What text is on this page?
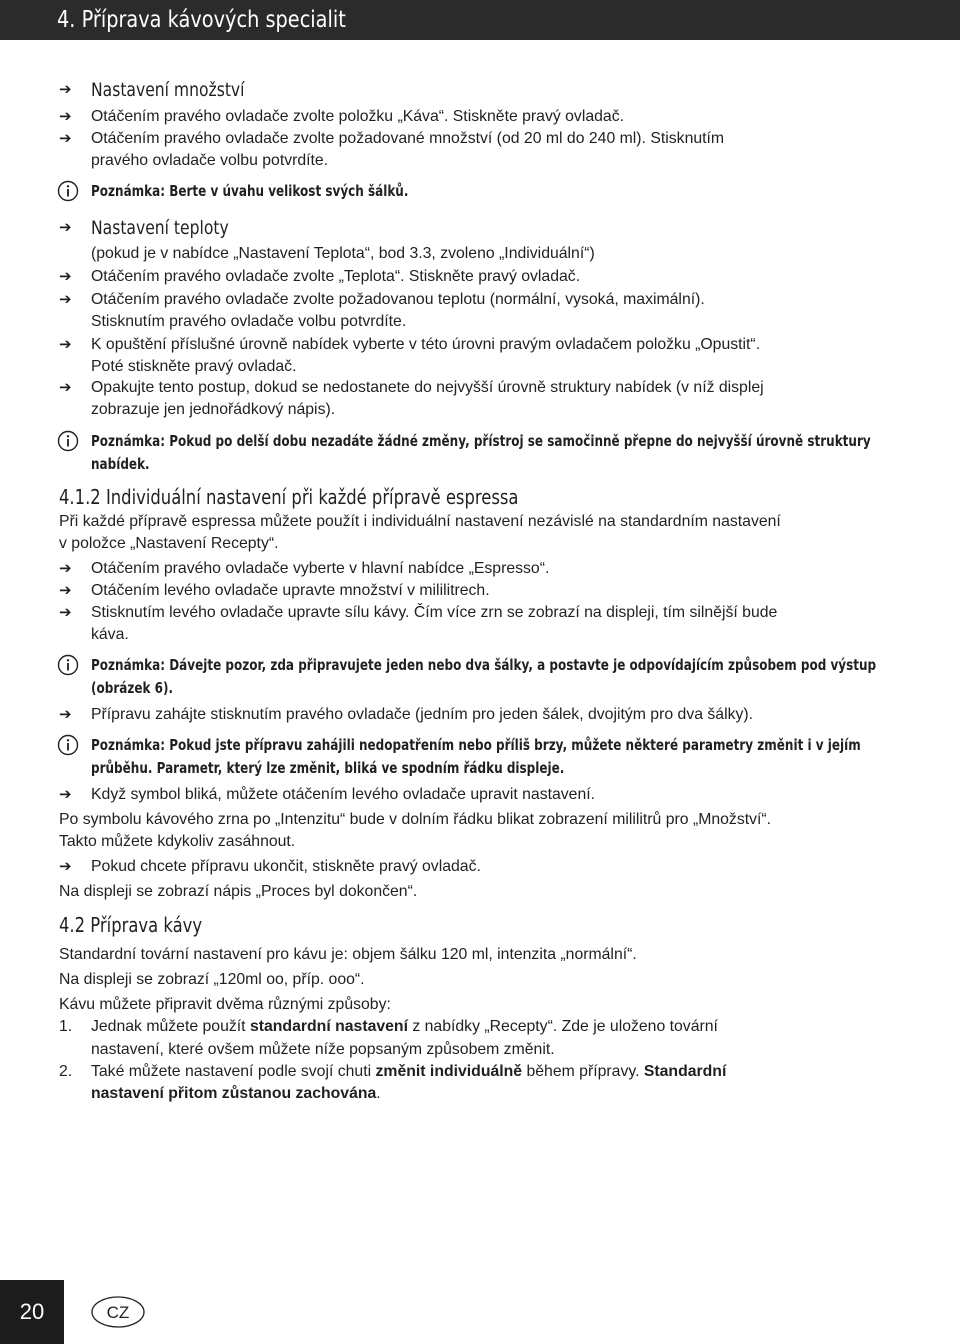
4. Příprava kávových specialit
➔ Nastavení množství
➔ Otáčením pravého ovladače zvolte položku „Káva“. Stiskněte pravý ovladač.
➔ Otáčením pravého ovladače zvolte požadované množství (od 20 ml do 240 ml). Stisknutím
pravého ovladače volbu potvrdíte.
Poznámka: Berte v úvahu velikost svých šálků.
➔ Nastavení teploty
(pokud je v nabídce „Nastavení Teplota“, bod 3.3, zvoleno „Individuální“)
➔ Otáčením pravého ovladače zvolte „Teplota“. Stiskněte pravý ovladač.
➔ Otáčením pravého ovladače zvolte požadovanou teplotu (normální, vysoká, maximální).
Stisknutím pravého ovladače volbu potvrdíte.
➔ K opuštění příslušné úrovně nabídek vyberte v této úrovni pravým ovladačem položku „Opustit“.
Poté stiskněte pravý ovladač.
➔ Opakujte tento postup, dokud se nedostanete do nejvyšší úrovně struktury nabídek (v níž displej
zobrazuje jen jednořádkový nápis).
Poznámka: Pokud po delší dobu nezadáte žádné změny, přístroj se samočinně přepne do nejvyšší úrovně struktury
nabídek.
4.1.2 Individuální nastavení při každé přípravě espressa
Při každé přípravě espressa můžete použít i individuální nastavení nezávislé na standardním nastavení
v položce „Nastavení Recepty“.
➔ Otáčením pravého ovladače vyberte v hlavní nabídce „Espresso“.
➔ Otáčením levého ovladače upravte množství v mililitrech.
➔ Stisknutím levého ovladače upravte sílu kávy. Čím více zrn se zobrazí na displeji, tím silnější bude
káva.
Poznámka: Dávejte pozor, zda připravujete jeden nebo dva šálky, a postavte je odpovídajícím způsobem pod výstup
(obrázek 6).
➔ Přípravu zahájte stisknutím pravého ovladače (jedním pro jeden šálek, dvojitým pro dva šálky).
Poznámka: Pokud jste přípravu zahájili nedopatřením nebo příliš brzy, můžete některé parametry změnit i v jejím
průběhu. Parametr, který lze změnit, bliká ve spodním řádku displeje.
➔ Když symbol bliká, můžete otáčením levého ovladače upravit nastavení.
Po symbolu kávového zrna po „Intenzitu“ bude v dolním řádku blikat zobrazení mililitrů pro „Množství“.
Takto můžete kdykoliv zasáhnout.
➔ Pokud chcete přípravu ukončit, stiskněte pravý ovladač.
Na displeji se zobrazí nápis „Proces byl dokončen“.
4.2 Příprava kávy
Standardní tovární nastavení pro kávu je: objem šálku 120 ml, intenzita „normální“.
Na displeji se zobrazí „120ml oo, příp. ooo“.
Kávu můžete připravit dvěma různými způsoby:
1. Jednak můžete použít standardní nastavení z nabídky „Recepty“. Zde je uloženo tovární
nastavení, které ovšem můžete níže popsaným způsobem změnit.
2. Také můžete nastavení podle svojí chuti změnit individuálně během přípravy. Standardní
nastavení přitom zůstanou zachována.
20	CZ
